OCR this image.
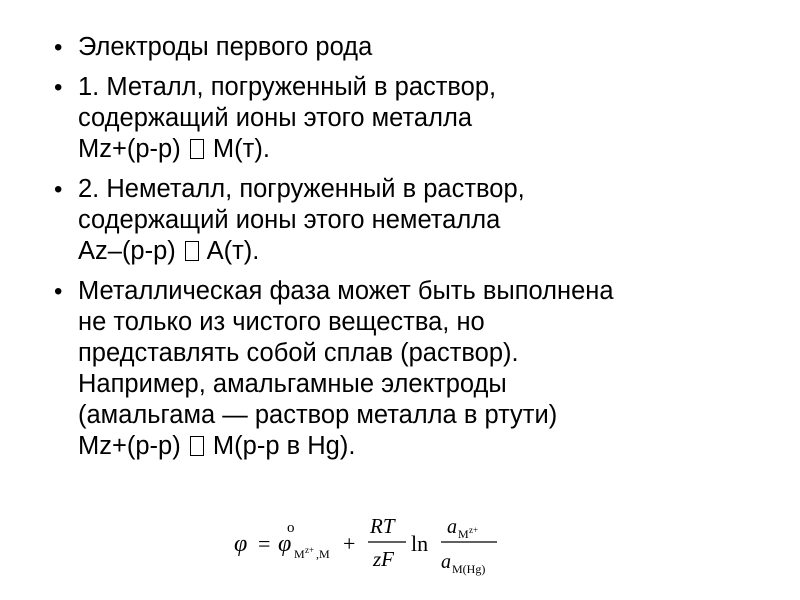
• Электроды первого рода
• 1. Металл, погруженный в раствор,
содержащий ионы этого металла
Mz+(р-р) M(т).
• 2. Неметалл, погруженный в раствор,
содержащий ионы этого неметалла
Az–(р-р) A(т).
• Металлическая фаза может быть выполнена
не только из чистого вещества, но
представлять собой сплав (раствор).
Например, амальгамные электроды
(амальгама — раствор металла в ртути)
Mz+(р-р) M(р-р в Hg).
φ = φ
o
M z+ ,M +
RT
zF
ln
a M z+
a M(Hg)
